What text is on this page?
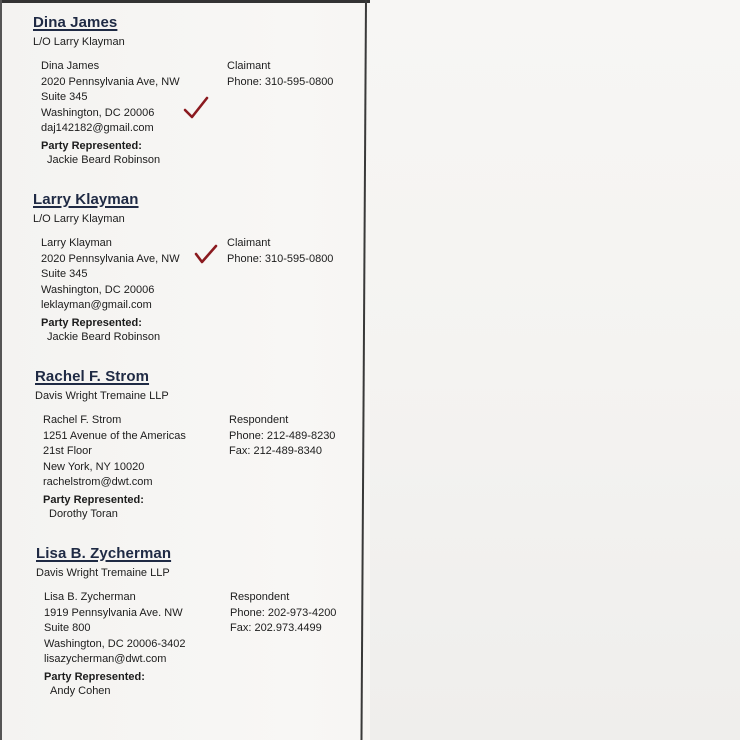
Dina James
L/O Larry Klayman
Dina James
2020 Pennsylvania Ave, NW
Suite 345
Washington, DC 20006
daj142182@gmail.com
Claimant
Phone: 310-595-0800
Party Represented:
Jackie Beard Robinson
Larry Klayman
L/O Larry Klayman
Larry Klayman
2020 Pennsylvania Ave, NW
Suite 345
Washington, DC 20006
leklayman@gmail.com
Claimant
Phone: 310-595-0800
Party Represented:
Jackie Beard Robinson
Rachel F. Strom
Davis Wright Tremaine LLP
Rachel F. Strom
1251 Avenue of the Americas
21st Floor
New York, NY 10020
rachelstrom@dwt.com
Respondent
Phone: 212-489-8230
Fax: 212-489-8340
Party Represented:
Dorothy Toran
Lisa B. Zycherman
Davis Wright Tremaine LLP
Lisa B. Zycherman
1919 Pennsylvania Ave. NW
Suite 800
Washington, DC 20006-3402
lisazycherman@dwt.com
Respondent
Phone: 202-973-4200
Fax: 202.973.4499
Party Represented:
Andy Cohen
